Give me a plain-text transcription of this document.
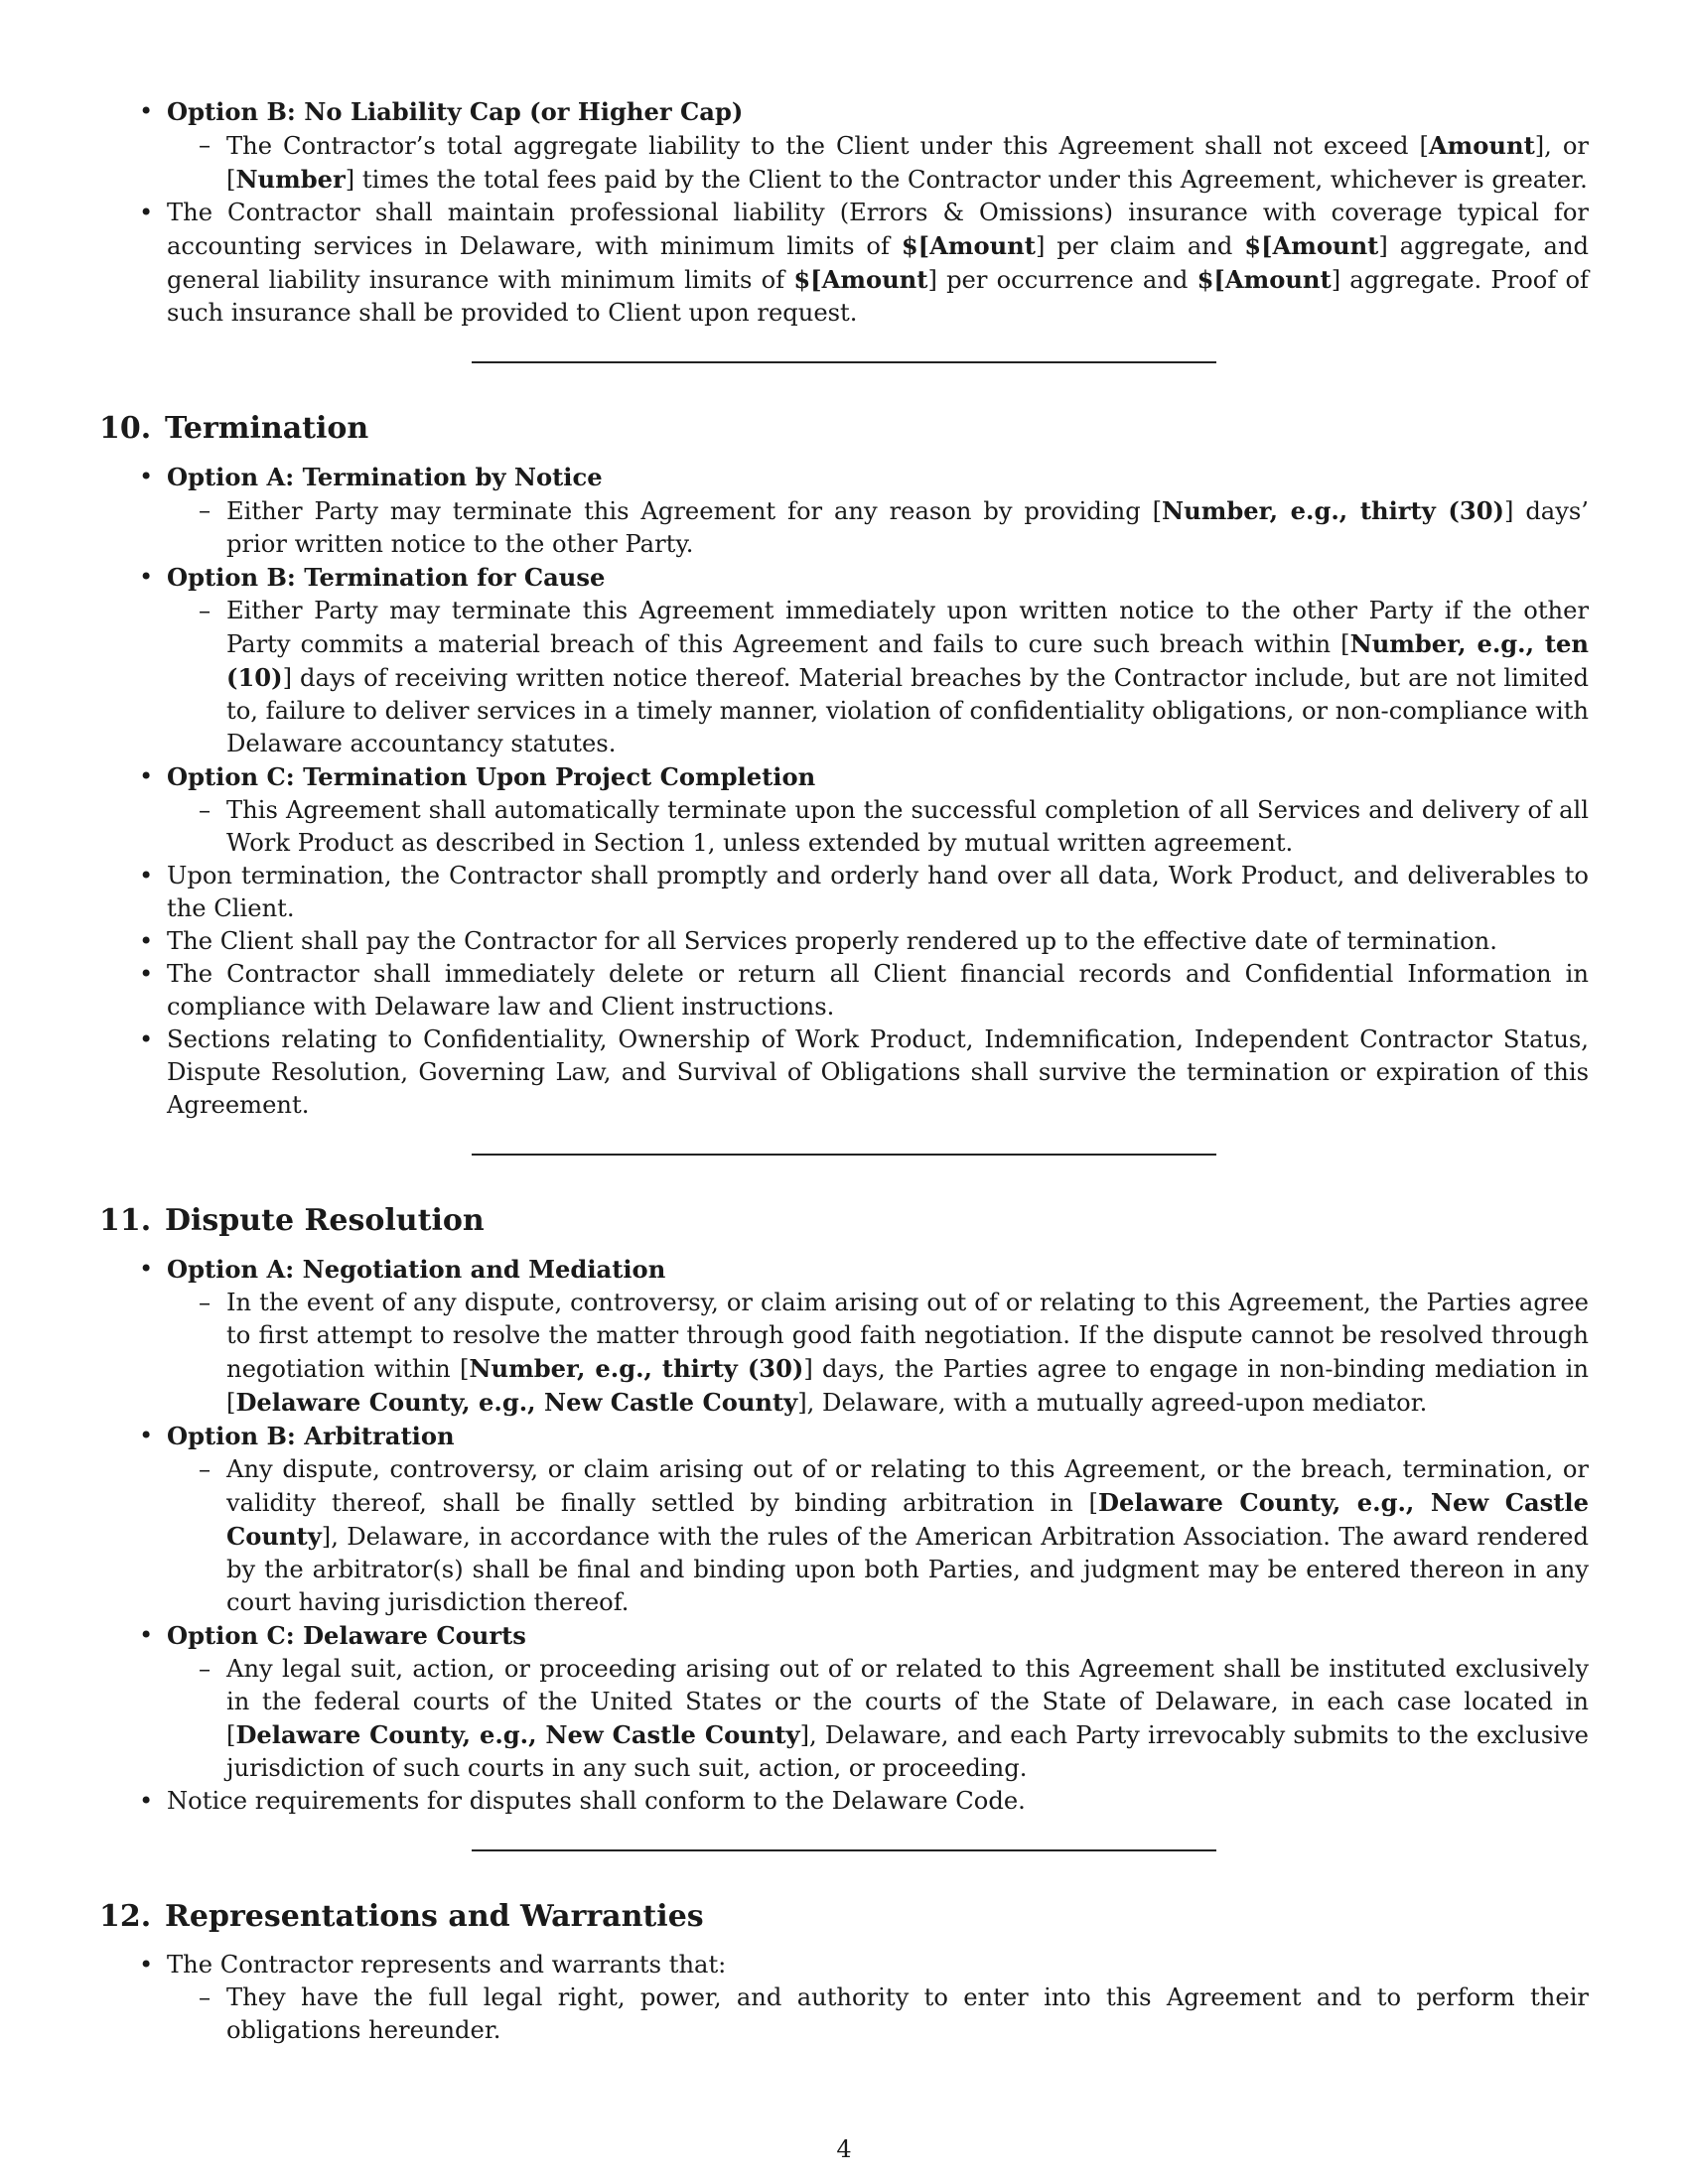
• Option B: No Liability Cap (or Higher Cap)
– The Contractor’s total aggregate liability to the Client under this Agreement shall not exceed [Amount], or [Number] times the total fees paid by the Client to the Contractor under this Agreement, whichever is greater.
• The Contractor shall maintain professional liability (Errors & Omissions) insurance with coverage typical for accounting services in Delaware, with minimum limits of $[Amount] per claim and $[Amount] aggregate, and general liability insurance with minimum limits of $[Amount] per occurrence and $[Amount] aggregate. Proof of such insurance shall be provided to Client upon request.
10. Termination
• Option A: Termination by Notice
– Either Party may terminate this Agreement for any reason by providing [Number, e.g., thirty (30)] days’ prior written notice to the other Party.
• Option B: Termination for Cause
– Either Party may terminate this Agreement immediately upon written notice to the other Party if the other Party commits a material breach of this Agreement and fails to cure such breach within [Number, e.g., ten (10)] days of receiving written notice thereof. Material breaches by the Contractor include, but are not limited to, failure to deliver services in a timely manner, violation of confidentiality obligations, or non-compliance with Delaware accountancy statutes.
• Option C: Termination Upon Project Completion
– This Agreement shall automatically terminate upon the successful completion of all Services and delivery of all Work Product as described in Section 1, unless extended by mutual written agreement.
• Upon termination, the Contractor shall promptly and orderly hand over all data, Work Product, and deliverables to the Client.
• The Client shall pay the Contractor for all Services properly rendered up to the effective date of termination.
• The Contractor shall immediately delete or return all Client financial records and Confidential Information in compliance with Delaware law and Client instructions.
• Sections relating to Confidentiality, Ownership of Work Product, Indemnification, Independent Contractor Status, Dispute Resolution, Governing Law, and Survival of Obligations shall survive the termination or expiration of this Agreement.
11. Dispute Resolution
• Option A: Negotiation and Mediation
– In the event of any dispute, controversy, or claim arising out of or relating to this Agreement, the Parties agree to first attempt to resolve the matter through good faith negotiation. If the dispute cannot be resolved through negotiation within [Number, e.g., thirty (30)] days, the Parties agree to engage in non-binding mediation in [Delaware County, e.g., New Castle County], Delaware, with a mutually agreed-upon mediator.
• Option B: Arbitration
– Any dispute, controversy, or claim arising out of or relating to this Agreement, or the breach, termination, or validity thereof, shall be finally settled by binding arbitration in [Delaware County, e.g., New Castle County], Delaware, in accordance with the rules of the American Arbitration Association. The award rendered by the arbitrator(s) shall be final and binding upon both Parties, and judgment may be entered thereon in any court having jurisdiction thereof.
• Option C: Delaware Courts
– Any legal suit, action, or proceeding arising out of or related to this Agreement shall be instituted exclusively in the federal courts of the United States or the courts of the State of Delaware, in each case located in [Delaware County, e.g., New Castle County], Delaware, and each Party irrevocably submits to the exclusive jurisdiction of such courts in any such suit, action, or proceeding.
• Notice requirements for disputes shall conform to the Delaware Code.
12. Representations and Warranties
• The Contractor represents and warrants that:
– They have the full legal right, power, and authority to enter into this Agreement and to perform their obligations hereunder.
4
